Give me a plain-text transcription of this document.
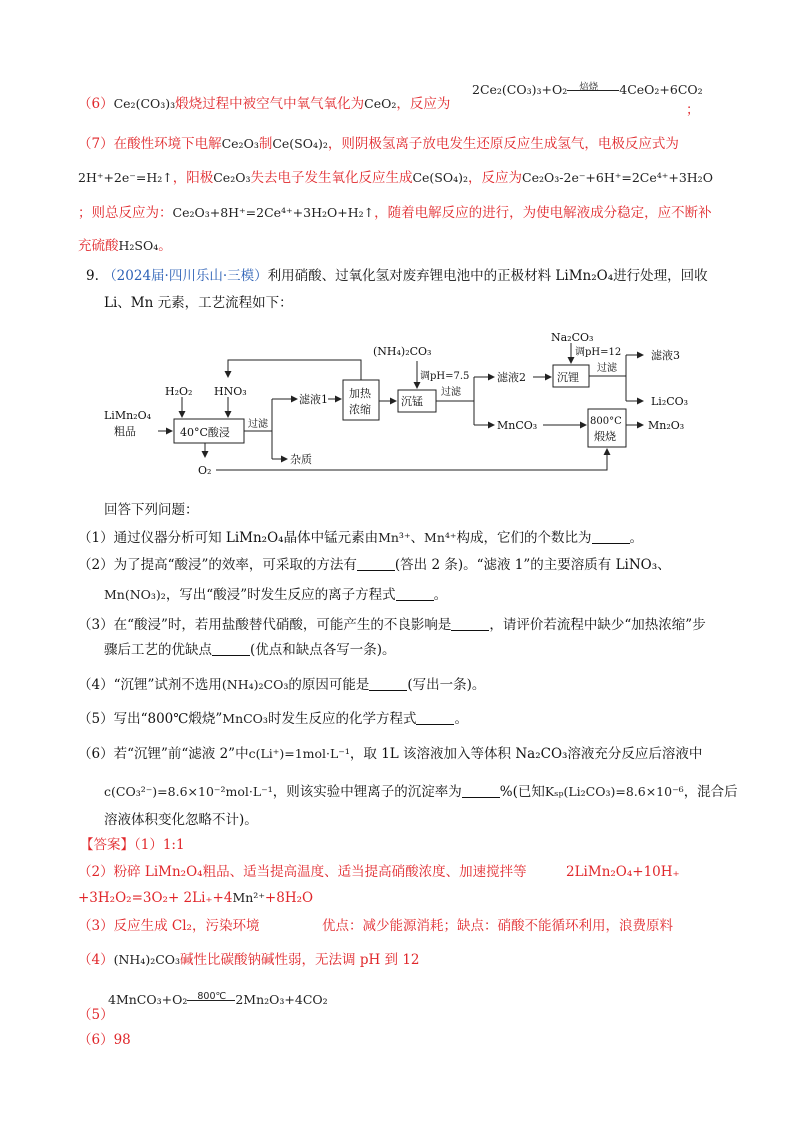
（6）Ce₂(CO₃)₃煅烧过程中被空气中氧气氧化为CeO₂，反应为
2Ce₂(CO₃)₃+O₂ 焙烧 4CeO₂+6CO₂
；
（7）在酸性环境下电解Ce₂O₃制Ce(SO₄)₂，则阴极氢离子放电发生还原反应生成氢气，电极反应式为
2H⁺+2e⁻=H₂↑，阳极Ce₂O₃失去电子发生氧化反应生成Ce(SO₄)₂，反应为Ce₂O₃-2e⁻+6H⁺=2Ce⁴⁺+3H₂O
；则总反应为：Ce₂O₃+8H⁺=2Ce⁴⁺+3H₂O+H₂↑，随着电解反应的进行，为使电解液成分稳定，应不断补
充硫酸H₂SO₄。
9. （2024届·四川乐山·三模）利用硝酸、过氧化氢对废弃锂电池中的正极材料 LiMn₂O₄进行处理，回收
Li、Mn 元素，工艺流程如下：
(NH₄)₂CO₃
Na₂CO₃
调pH=12	滤液3
H₂O₂ HNO₃	加热
浓缩
调pH=7.5
过滤
滤液2	沉锂
过滤
Li₂CO₃
LiMn₂O₄
粗品	40°C酸浸
过滤
滤液1	沉锰
MnCO₃	800°C
煅烧
Mn₂O₃
杂质
O₂
回答下列问题：
（1）通过仪器分析可知 LiMn₂O₄晶体中锰元素由Mn³⁺、Mn⁴⁺构成，它们的个数比为	。
（2）为了提高“酸浸”的效率，可采取的方法有	(答出 2 条)。“滤液 1”的主要溶质有 LiNO₃、
Mn(NO₃)₂，写出“酸浸”时发生反应的离子方程式	。
（3）在“酸浸”时，若用盐酸替代硝酸，可能产生的不良影响是	，请评价若流程中缺少“加热浓缩”步
骤后工艺的优缺点	(优点和缺点各写一条)。
（4）“沉锂”试剂不选用(NH₄)₂CO₃的原因可能是	(写出一条)。
（5）写出“800℃煅烧”MnCO₃时发生反应的化学方程式	。
（6）若“沉锂”前“滤液 2”中c(Li⁺)=1mol·L⁻¹，取 1L 该溶液加入等体积 Na₂CO₃溶液充分反应后溶液中
c(CO₃²⁻)=8.6×10⁻²mol·L⁻¹，则该实验中锂离子的沉淀率为	%(已知Kₛₚ(Li₂CO₃)=8.6×10⁻⁶，混合后
溶液体积变化忽略不计)。
【答案】（1）1:1
（2）粉碎 LiMn₂O₄粗品、适当提高温度、适当提高硝酸浓度、加速搅拌等	2LiMn₂O₄+10H₊
+3H₂O₂=3O₂+ 2Li₊+4Mn²⁺+8H₂O
（3）反应生成 Cl₂，污染环境	优点：减少能源消耗；缺点：硝酸不能循环利用，浪费原料
（4）(NH₄)₂CO₃碱性比碳酸钠碱性弱，无法调 pH 到 12
4MnCO₃+O₂ 800℃ 2Mn₂O₃+4CO₂
（5）
（6）98
